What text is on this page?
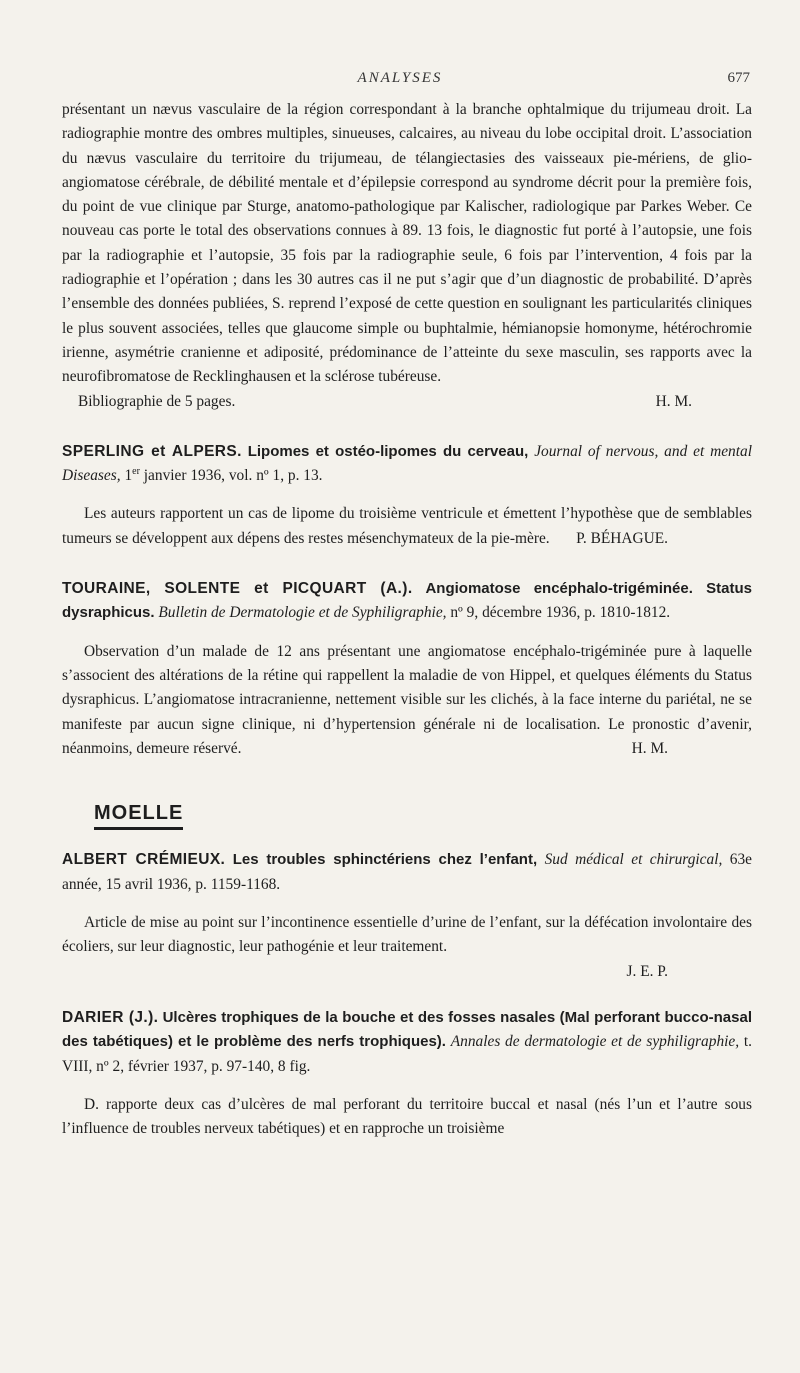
ANALYSES	677

présentant un nævus vasculaire de la région correspondant à la branche ophtalmique du trijumeau droit. La radiographie montre des ombres multiples, sinueuses, calcaires, au niveau du lobe occipital droit. L’association du nævus vasculaire du territoire du trijumeau, de télangiectasies des vaisseaux pie-mériens, de glio-angiomatose cérébrale, de débilité mentale et d’épilepsie correspond au syndrome décrit pour la première fois, du point de vue clinique par Sturge, anatomo-pathologique par Kalischer, radiologique par Parkes Weber. Ce nouveau cas porte le total des observations connues à 89. 13 fois, le diagnostic fut porté à l’autopsie, une fois par la radiographie et l’autopsie, 35 fois par la radiographie seule, 6 fois par l’intervention, 4 fois par la radiographie et l’opération ; dans les 30 autres cas il ne put s’agir que d’un diagnostic de probabilité. D’après l’ensemble des données publiées, S. reprend l’exposé de cette question en soulignant les particularités cliniques le plus souvent associées, telles que glaucome simple ou buphtalmie, hémianopsie homonyme, hétérochromie irienne, asymétrie cranienne et adiposité, prédominance de l’atteinte du sexe masculin, ses rapports avec la neurofibromatose de Recklinghausen et la sclérose tubéreuse.

Bibliographie de 5 pages.	H. M.

SPERLING et ALPERS. Lipomes et ostéo-lipomes du cerveau, Journal of nervous, and et mental Diseases, 1er janvier 1936, vol. nº 1, p. 13.

Les auteurs rapportent un cas de lipome du troisième ventricule et émettent l’hypothèse que de semblables tumeurs se développent aux dépens des restes mésenchymateux de la pie-mère.	P. BÉHAGUE.

TOURAINE, SOLENTE et PICQUART (A.). Angiomatose encéphalo-trigéminée. Status dysraphicus. Bulletin de Dermatologie et de Syphiligraphie, nº 9, décembre 1936, p. 1810-1812.

Observation d’un malade de 12 ans présentant une angiomatose encéphalo-trigéminée pure à laquelle s’associent des altérations de la rétine qui rappellent la maladie de von Hippel, et quelques éléments du Status dysraphicus. L’angiomatose intracranienne, nettement visible sur les clichés, à la face interne du pariétal, ne se manifeste par aucun signe clinique, ni d’hypertension générale ni de localisation. Le pronostic d’avenir, néanmoins, demeure réservé.	H. M.

MOELLE

ALBERT CRÉMIEUX. Les troubles sphinctériens chez l’enfant, Sud médical et chirurgical, 63e année, 15 avril 1936, p. 1159-1168.

Article de mise au point sur l’incontinence essentielle d’urine de l’enfant, sur la défécation involontaire des écoliers, sur leur diagnostic, leur pathogénie et leur traitement.

J. E. P.

DARIER (J.). Ulcères trophiques de la bouche et des fosses nasales (Mal perforant bucco-nasal des tabétiques) et le problème des nerfs trophiques). Annales de dermatologie et de syphiligraphie, t. VIII, nº 2, février 1937, p. 97-140, 8 fig.

D. rapporte deux cas d’ulcères de mal perforant du territoire buccal et nasal (nés l’un et l’autre sous l’influence de troubles nerveux tabétiques) et en rapproche un troisième
